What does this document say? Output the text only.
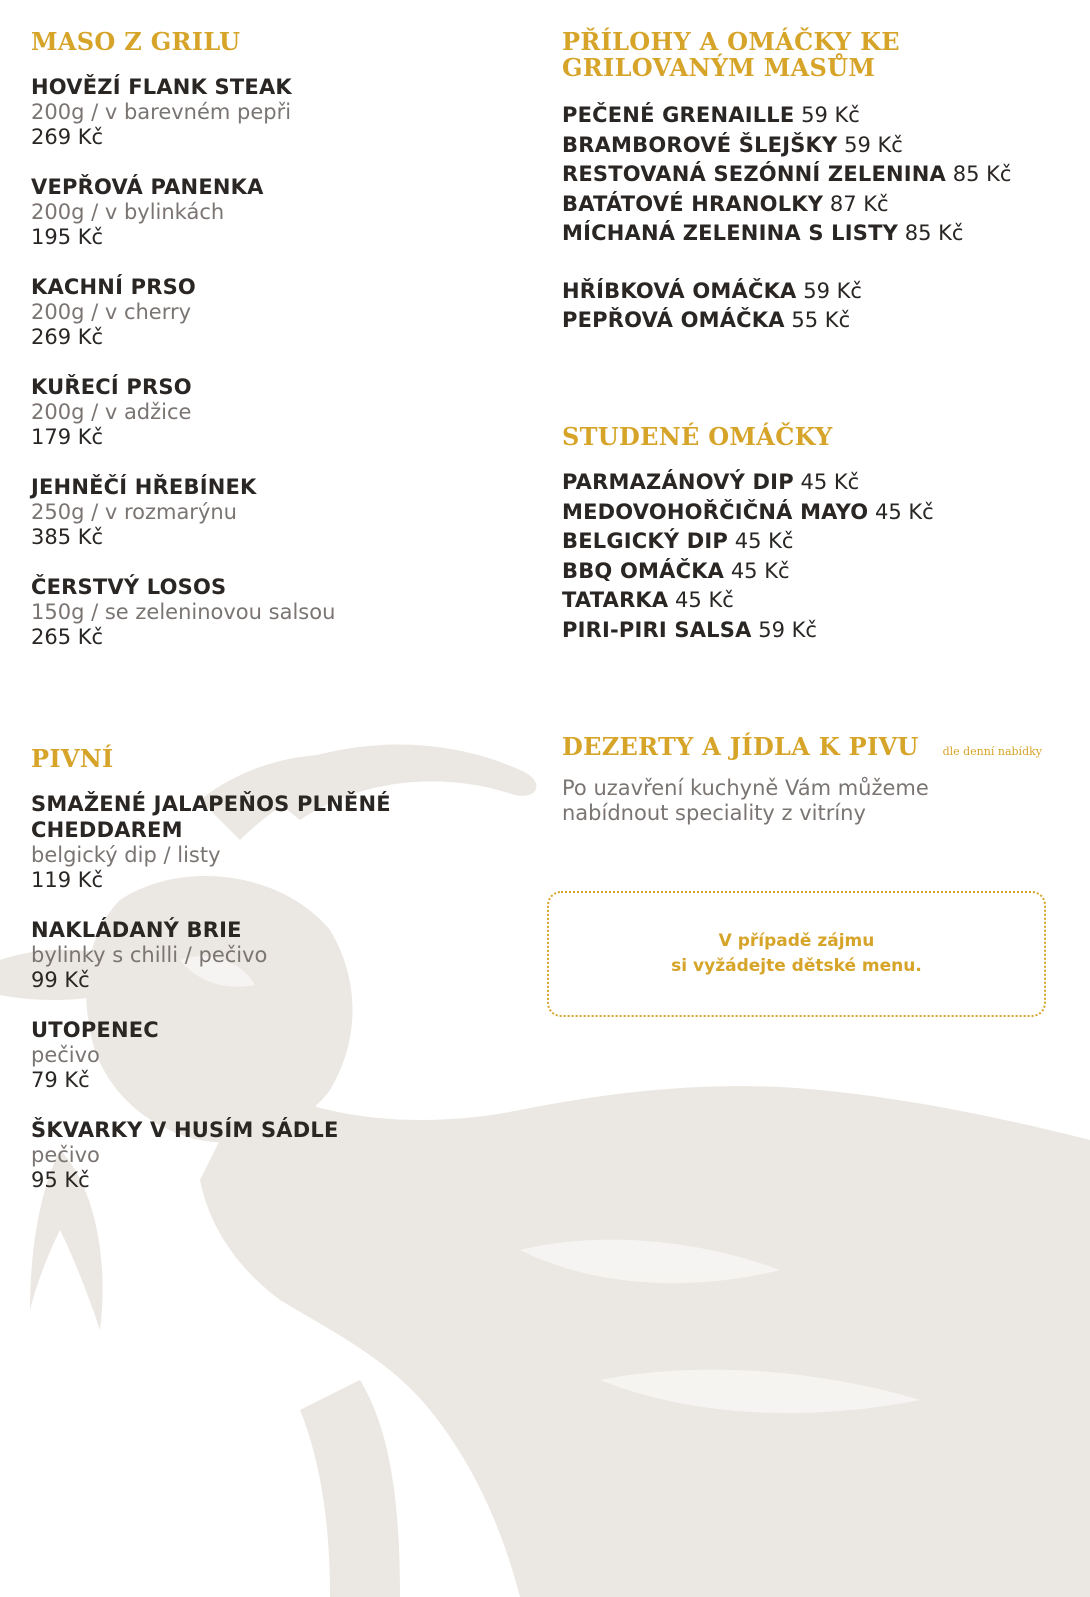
MASO Z GRILU
HOVĚZÍ FLANK STEAK
200g / v barevném pepři
269 Kč
VEPŘOVÁ PANENKA
200g / v bylinkách
195 Kč
KACHNÍ PRSO
200g / v cherry
269 Kč
KUŘECÍ PRSO
200g / v adžice
179 Kč
JEHNĚČÍ HŘEBÍNEK
250g / v rozmarýnu
385 Kč
ČERSTVÝ LOSOS
150g / se zeleninovou salsou
265 Kč
PIVNÍ
SMAŽENÉ JALAPEŇOS PLNĚNÉ CHEDDAREM
belgický dip / listy
119 Kč
NAKLÁDANÝ BRIE
bylinky s chilli / pečivo
99 Kč
UTOPENEC
pečivo
79 Kč
ŠKVARKY V HUSÍM SÁDLE
pečivo
95 Kč
PŘÍLOHY A OMÁČKY KE
GRILOVANÝM MASŮM
PEČENÉ GRENAILLE 59 Kč
BRAMBOROVÉ ŠLEJŠKY 59 Kč
RESTOVANÁ SEZÓNNÍ ZELENINA 85 Kč
BATÁTOVÉ HRANOLKY 87 Kč
MÍCHANÁ ZELENINA S LISTY 85 Kč
HŘÍBKOVÁ OMÁČKA 59 Kč
PEPŘOVÁ OMÁČKA 55 Kč
STUDENÉ OMÁČKY
PARMAZÁNOVÝ DIP 45 Kč
MEDOVOHOŘČIČNÁ MAYO 45 Kč
BELGICKÝ DIP 45 Kč
BBQ OMÁČKA 45 Kč
TATARKA 45 Kč
PIRI-PIRI SALSA 59 Kč
DEZERTY A JÍDLA K PIVU dle denní nabídky
Po uzavření kuchyně Vám můžeme
nabídnout speciality z vitríny
V případě zájmu
si vyžádejte dětské menu.
